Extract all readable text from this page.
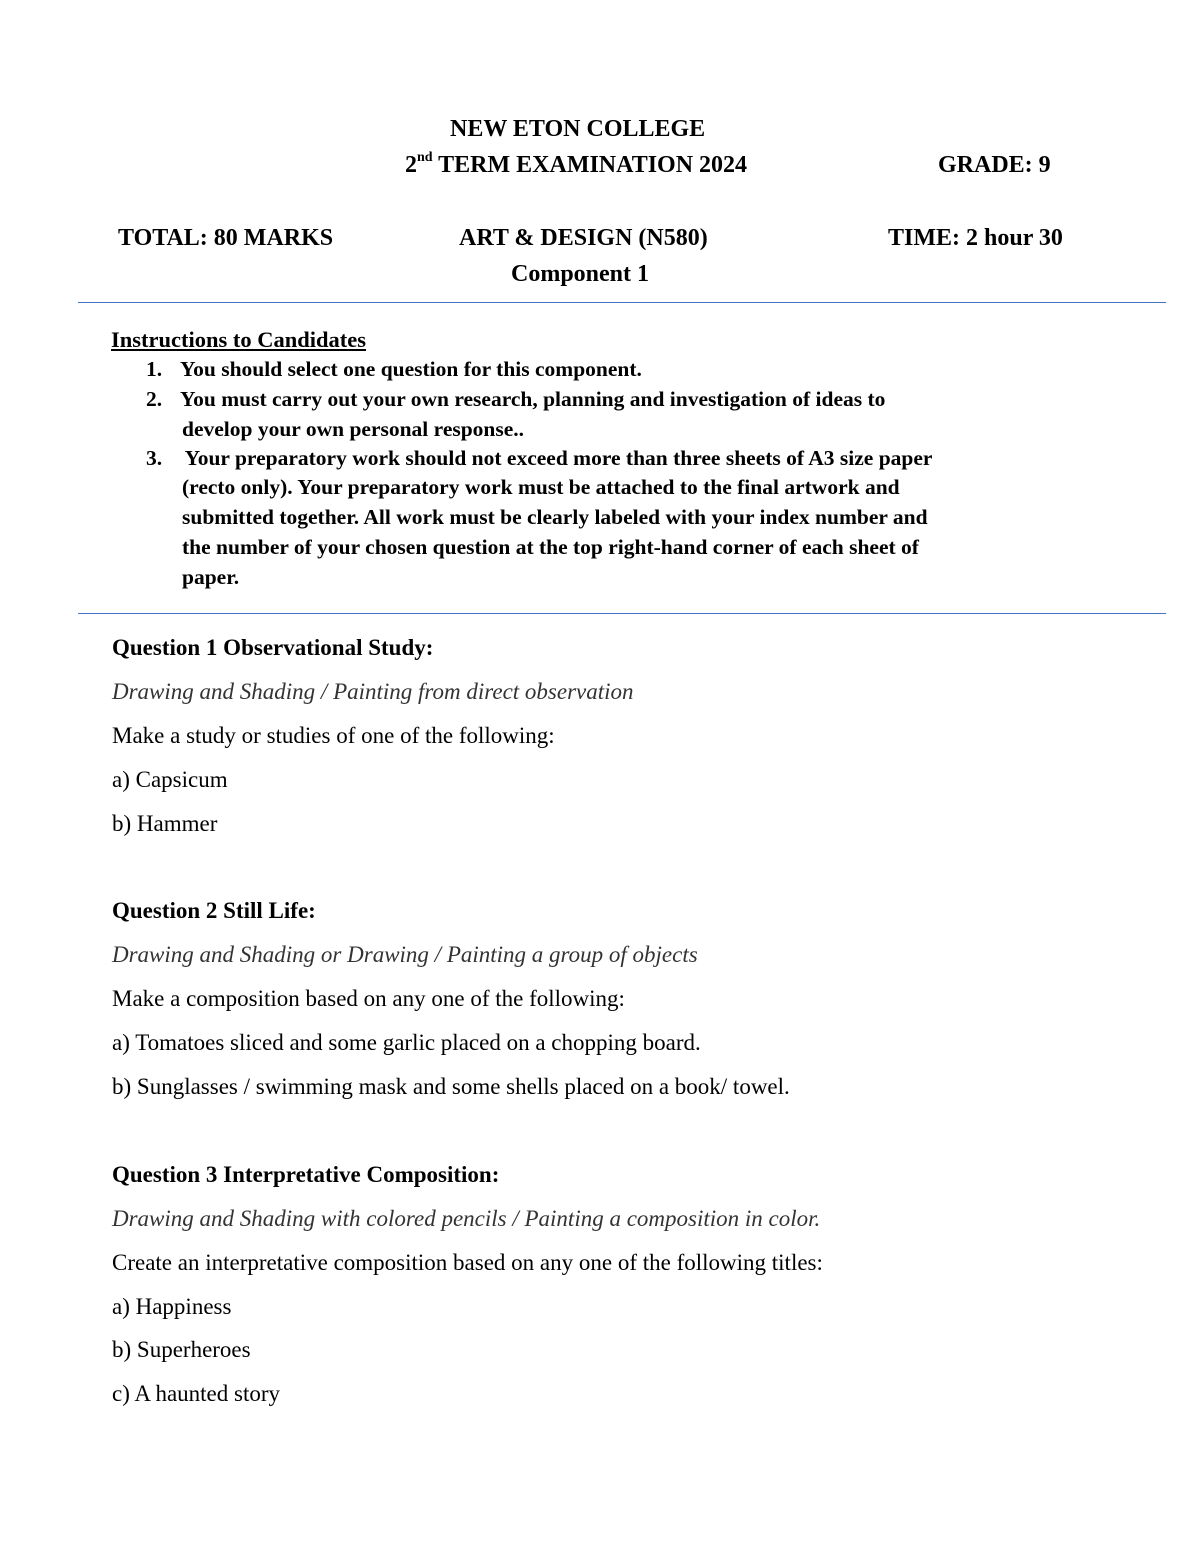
NEW ETON COLLEGE
2nd TERM EXAMINATION 2024	GRADE: 9
TOTAL: 80 MARKS	ART & DESIGN (N580)	TIME: 2 hour 30
Component 1
Instructions to Candidates
1. You should select one question for this component.
2. You must carry out your own research, planning and investigation of ideas to
develop your own personal response..
3. Your preparatory work should not exceed more than three sheets of A3 size paper
(recto only). Your preparatory work must be attached to the final artwork and
submitted together. All work must be clearly labeled with your index number and
the number of your chosen question at the top right-hand corner of each sheet of
paper.
Question 1 Observational Study:
Drawing and Shading / Painting from direct observation
Make a study or studies of one of the following:
a) Capsicum
b) Hammer
Question 2 Still Life:
Drawing and Shading or Drawing / Painting a group of objects
Make a composition based on any one of the following:
a) Tomatoes sliced and some garlic placed on a chopping board.
b) Sunglasses / swimming mask and some shells placed on a book/ towel.
Question 3 Interpretative Composition:
Drawing and Shading with colored pencils / Painting a composition in color.
Create an interpretative composition based on any one of the following titles:
a) Happiness
b) Superheroes
c) A haunted story
